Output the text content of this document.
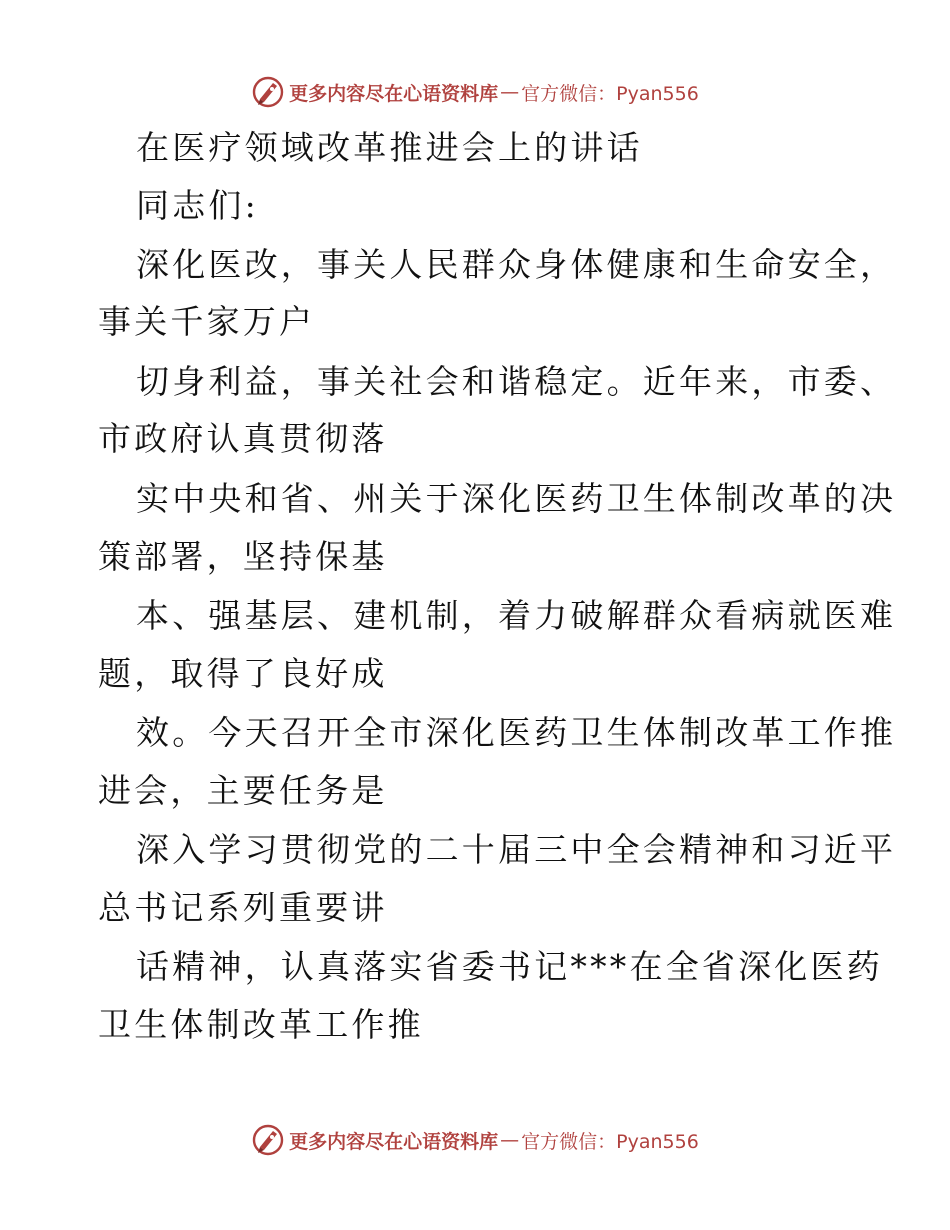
更多内容尽在心语资料库 — 官方微信：Pyan556
在医疗领域改革推进会上的讲话
同志们:
深化医改，事关人民群众身体健康和生命安全，
事关千家万户
切身利益，事关社会和谐稳定。近年来，市委、
市政府认真贯彻落
实中央和省、州关于深化医药卫生体制改革的决
策部署，坚持保基
本、强基层、建机制，着力破解群众看病就医难
题，取得了良好成
效。今天召开全市深化医药卫生体制改革工作推
进会，主要任务是
深入学习贯彻党的二十届三中全会精神和习近平
总书记系列重要讲
话精神，认真落实省委书记***在全省深化医药
卫生体制改革工作推
更多内容尽在心语资料库 — 官方微信：Pyan556
